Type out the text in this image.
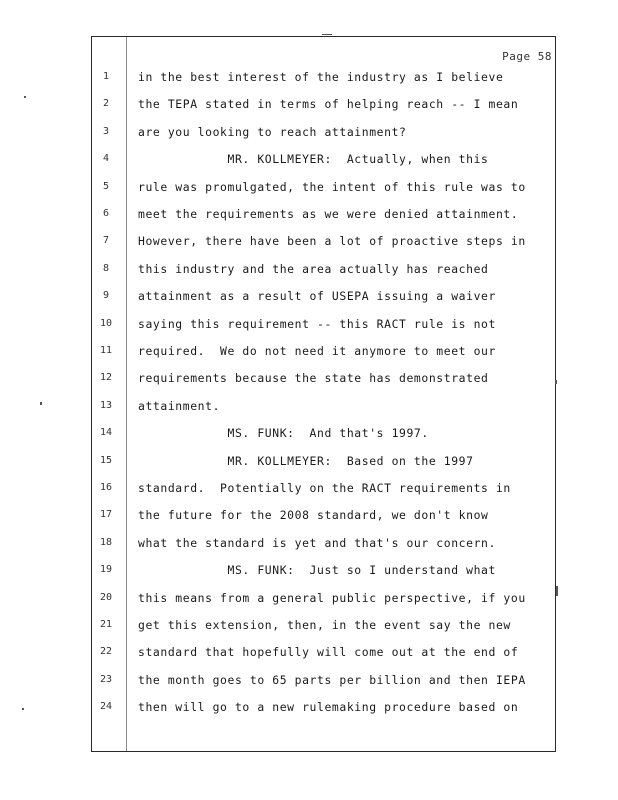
Page 58
1	in the best interest of the industry as I believe
2	the TEPA stated in terms of helping reach -- I mean
3	are you looking to reach attainment?
4	MR. KOLLMEYER:  Actually, when this
5	rule was promulgated, the intent of this rule was to
6	meet the requirements as we were denied attainment.
7	However, there have been a lot of proactive steps in
8	this industry and the area actually has reached
9	attainment as a result of USEPA issuing a waiver
10	saying this requirement -- this RACT rule is not
11	required.  We do not need it anymore to meet our
12	requirements because the state has demonstrated
13	attainment.
14	MS. FUNK:  And that's 1997.
15	MR. KOLLMEYER:  Based on the 1997
16	standard.  Potentially on the RACT requirements in
17	the future for the 2008 standard, we don't know
18	what the standard is yet and that's our concern.
19	MS. FUNK:  Just so I understand what
20	this means from a general public perspective, if you
21	get this extension, then, in the event say the new
22	standard that hopefully will come out at the end of
23	the month goes to 65 parts per billion and then IEPA
24	then will go to a new rulemaking procedure based on
